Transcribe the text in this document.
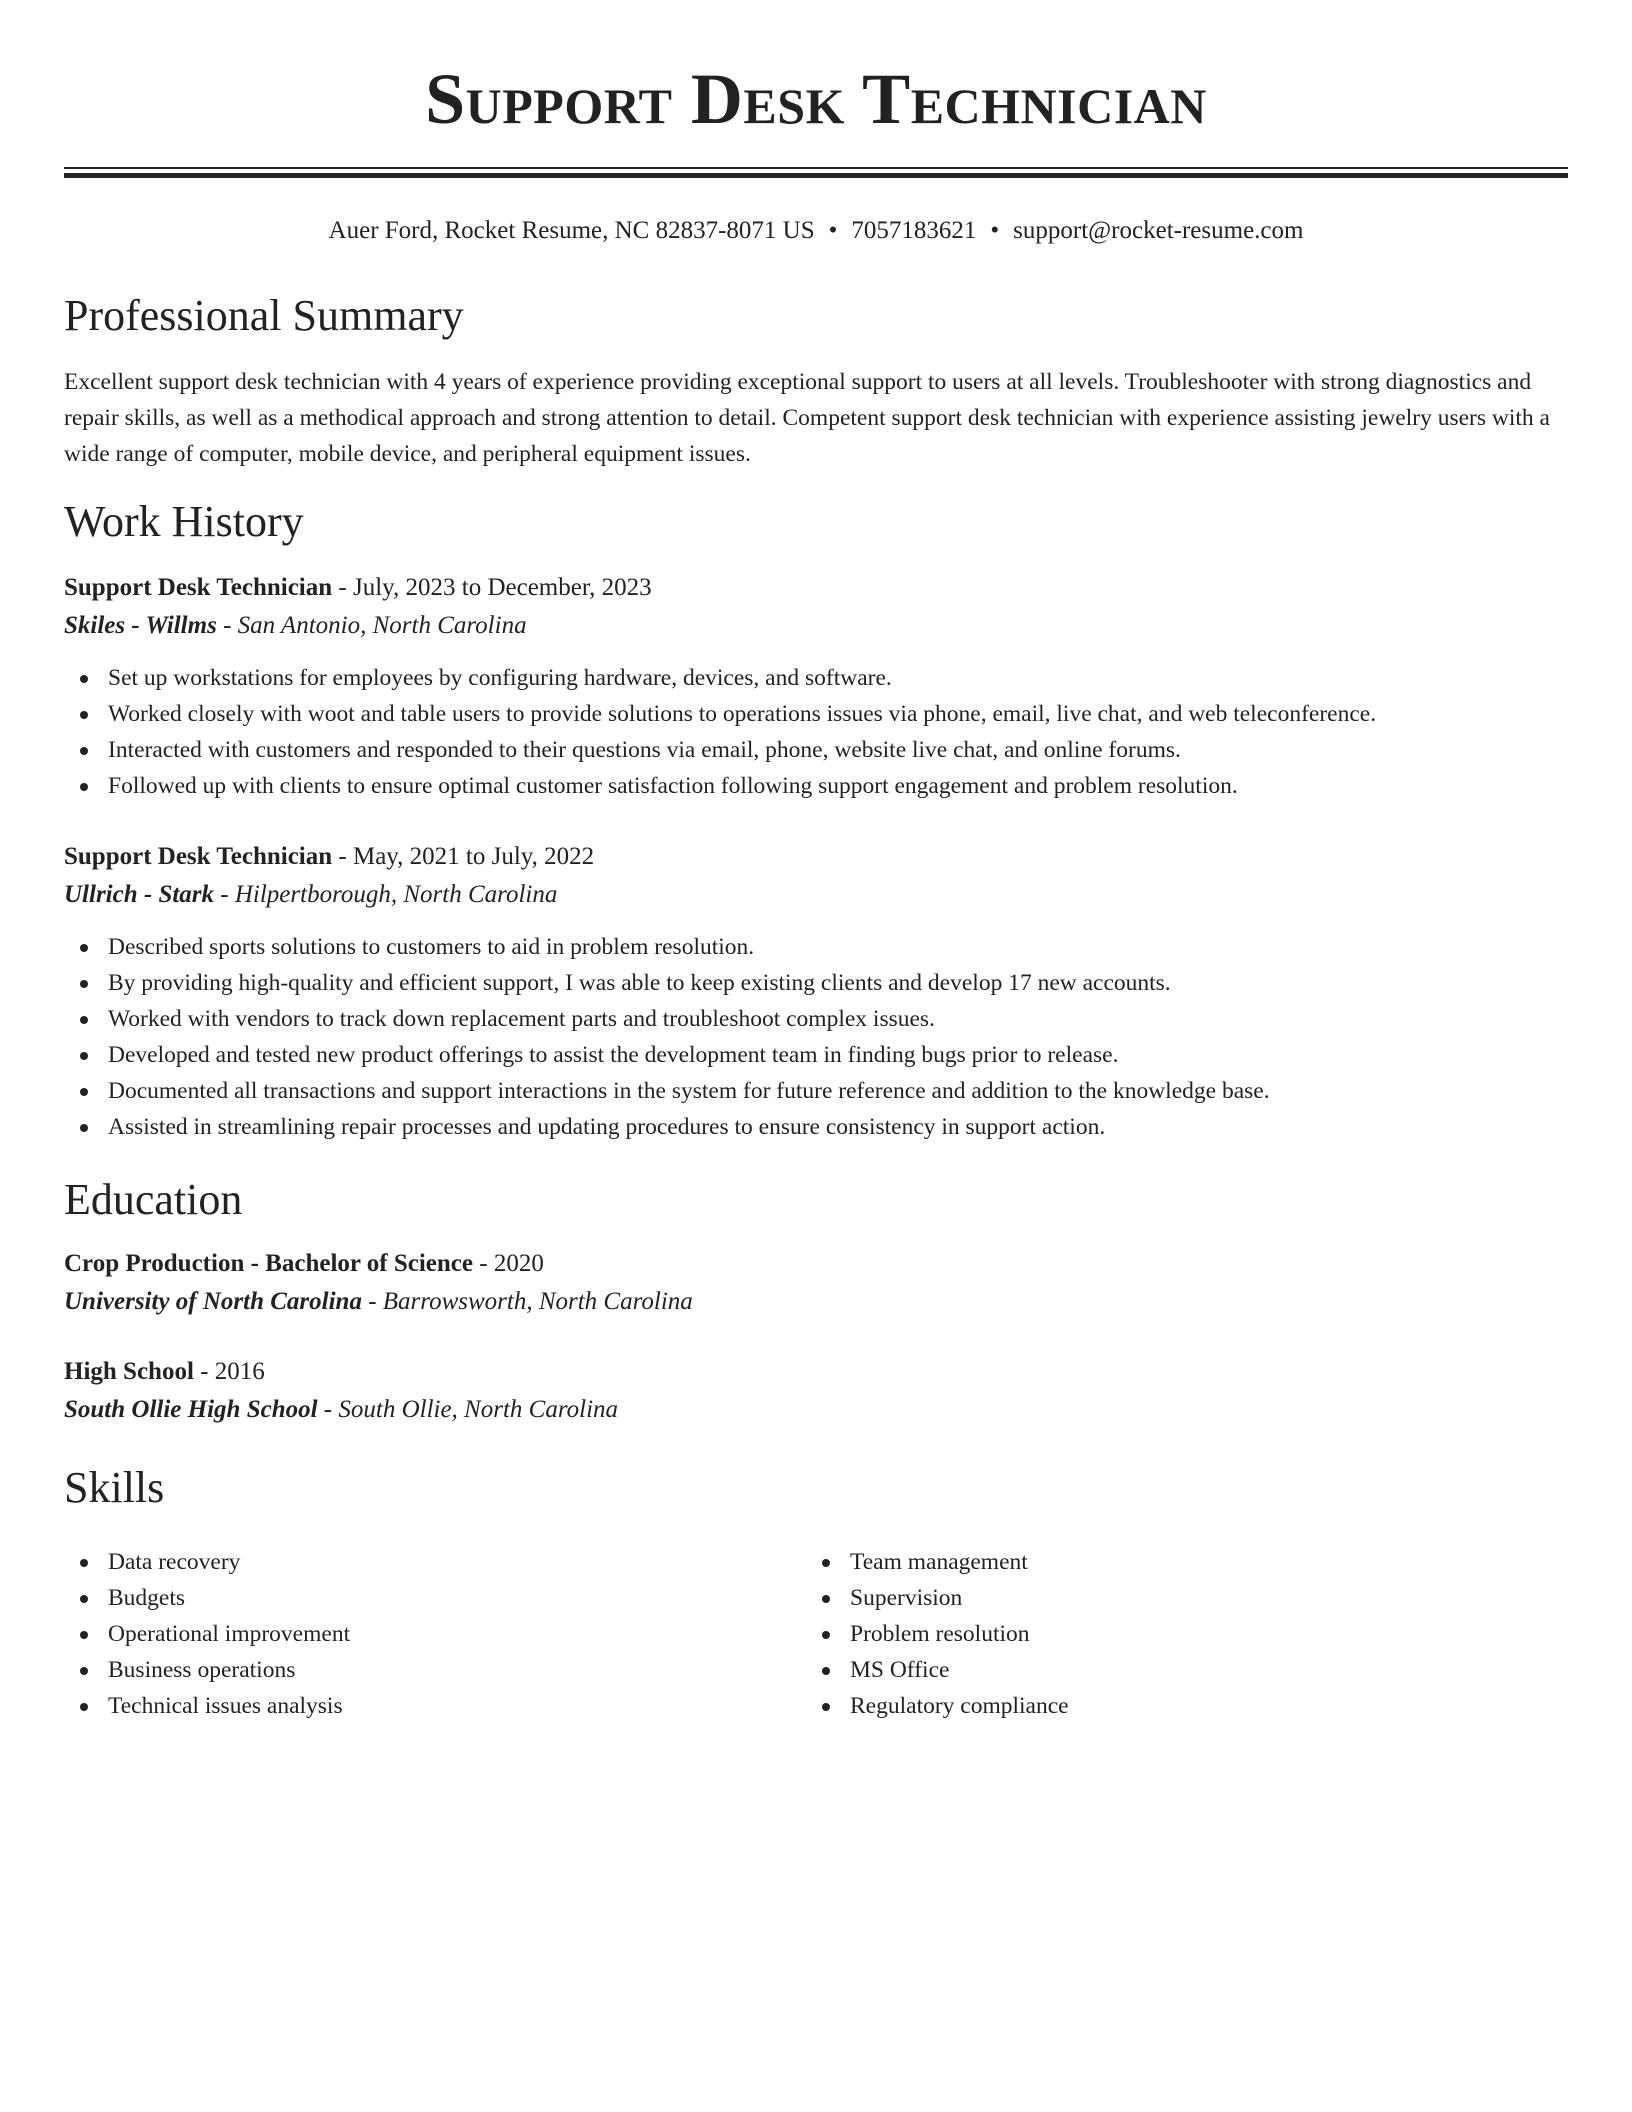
Support Desk Technician
Auer Ford, Rocket Resume, NC 82837-8071 US • 7057183621 • support@rocket-resume.com
Professional Summary

Excellent support desk technician with 4 years of experience providing exceptional support to users at all levels. Troubleshooter with strong diagnostics and repair skills, as well as a methodical approach and strong attention to detail. Competent support desk technician with experience assisting jewelry users with a wide range of computer, mobile device, and peripheral equipment issues.

Work History
Support Desk Technician - July, 2023 to December, 2023
Skiles - Willms - San Antonio, North Carolina
Set up workstations for employees by configuring hardware, devices, and software.
Worked closely with woot and table users to provide solutions to operations issues via phone, email, live chat, and web teleconference.
Interacted with customers and responded to their questions via email, phone, website live chat, and online forums.
Followed up with clients to ensure optimal customer satisfaction following support engagement and problem resolution.
Support Desk Technician - May, 2021 to July, 2022
Ullrich - Stark - Hilpertborough, North Carolina
Described sports solutions to customers to aid in problem resolution.
By providing high-quality and efficient support, I was able to keep existing clients and develop 17 new accounts.
Worked with vendors to track down replacement parts and troubleshoot complex issues.
Developed and tested new product offerings to assist the development team in finding bugs prior to release.
Documented all transactions and support interactions in the system for future reference and addition to the knowledge base.
Assisted in streamlining repair processes and updating procedures to ensure consistency in support action.
Education
Crop Production - Bachelor of Science - 2020
University of North Carolina - Barrowsworth, North Carolina
High School - 2016
South Ollie High School - South Ollie, North Carolina
Skills
Data recovery
Budgets
Operational improvement
Business operations
Technical issues analysis
Team management
Supervision
Problem resolution
MS Office
Regulatory compliance
